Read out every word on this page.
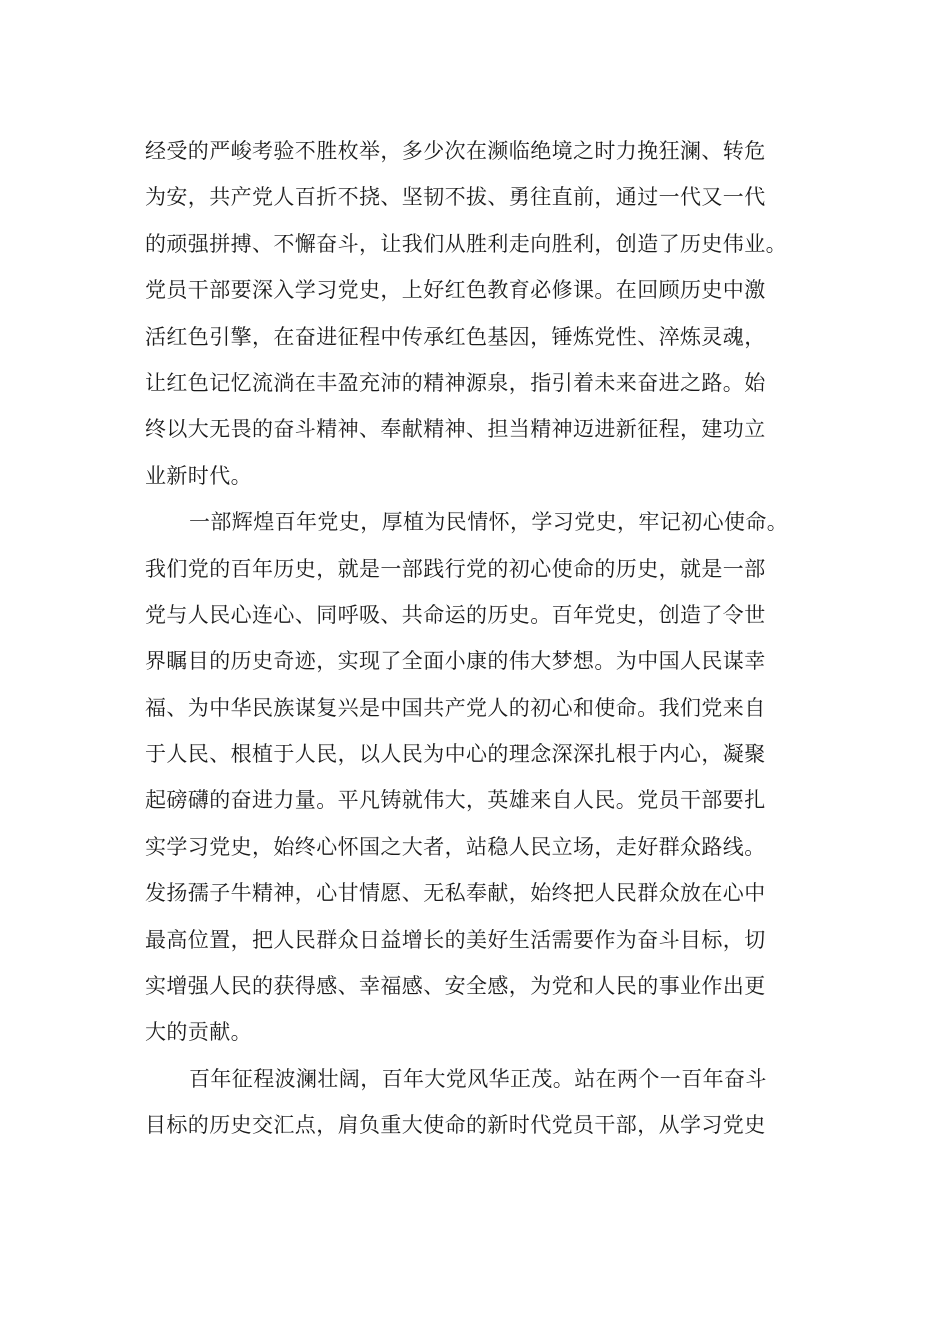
经受的严峻考验不胜枚举，多少次在濒临绝境之时力挽狂澜、转危
为安，共产党人百折不挠、坚韧不拔、勇往直前，通过一代又一代
的顽强拼搏、不懈奋斗，让我们从胜利走向胜利，创造了历史伟业。
党员干部要深入学习党史，上好红色教育必修课。在回顾历史中激
活红色引擎，在奋进征程中传承红色基因，锤炼党性、淬炼灵魂，
让红色记忆流淌在丰盈充沛的精神源泉，指引着未来奋进之路。始
终以大无畏的奋斗精神、奉献精神、担当精神迈进新征程，建功立
业新时代。
一部辉煌百年党史，厚植为民情怀，学习党史，牢记初心使命。
我们党的百年历史，就是一部践行党的初心使命的历史，就是一部
党与人民心连心、同呼吸、共命运的历史。百年党史，创造了令世
界瞩目的历史奇迹，实现了全面小康的伟大梦想。为中国人民谋幸
福、为中华民族谋复兴是中国共产党人的初心和使命。我们党来自
于人民、根植于人民，以人民为中心的理念深深扎根于内心，凝聚
起磅礴的奋进力量。平凡铸就伟大，英雄来自人民。党员干部要扎
实学习党史，始终心怀国之大者，站稳人民立场，走好群众路线。
发扬孺子牛精神，心甘情愿、无私奉献，始终把人民群众放在心中
最高位置，把人民群众日益增长的美好生活需要作为奋斗目标，切
实增强人民的获得感、幸福感、安全感，为党和人民的事业作出更
大的贡献。
百年征程波澜壮阔，百年大党风华正茂。站在两个一百年奋斗
目标的历史交汇点，肩负重大使命的新时代党员干部，从学习党史
